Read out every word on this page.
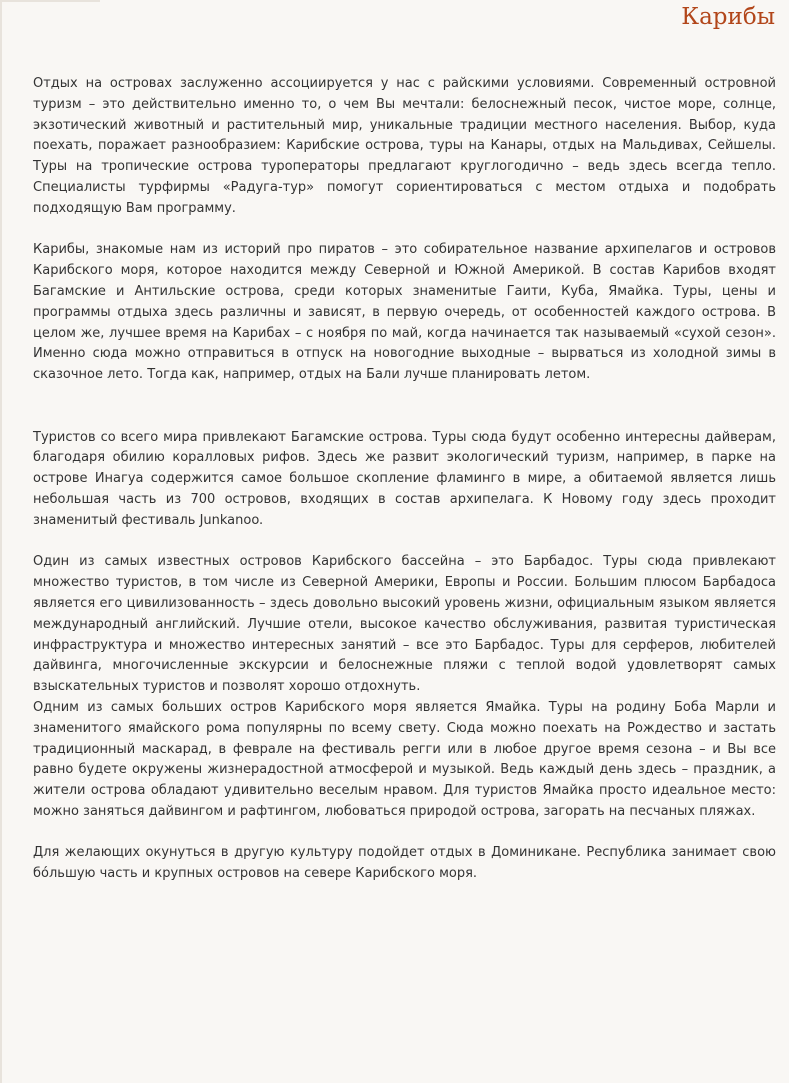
Карибы

Отдых на островах заслуженно ассоциируется у нас с райскими условиями. Современный островной туризм – это действительно именно то, о чем Вы мечтали: белоснежный песок, чистое море, солнце, экзотический животный и растительный мир, уникальные традиции местного населения. Выбор, куда поехать, поражает разнообразием: Карибские острова, туры на Канары, отдых на Мальдивах, Сейшелы. Туры на тропические острова туроператоры предлагают круглогодично – ведь здесь всегда тепло. Специалисты турфирмы «Радуга-тур» помогут сориентироваться с местом отдыха и подобрать подходящую Вам программу.

Карибы, знакомые нам из историй про пиратов – это собирательное название архипелагов и островов Карибского моря, которое находится между Северной и Южной Америкой. В состав Карибов входят Багамские и Антильские острова, среди которых знаменитые Гаити, Куба, Ямайка. Туры, цены и программы отдыха здесь различны и зависят, в первую очередь, от особенностей каждого острова. В целом же, лучшее время на Карибах – с ноября по май, когда начинается так называемый «сухой сезон». Именно сюда можно отправиться в отпуск на новогодние выходные – вырваться из холодной зимы в сказочное лето. Тогда как, например, отдых на Бали лучше планировать летом.

Туристов со всего мира привлекают Багамские острова. Туры сюда будут особенно интересны дайверам, благодаря обилию коралловых рифов. Здесь же развит экологический туризм, например, в парке на острове Инагуа содержится самое большое скопление фламинго в мире, а обитаемой является лишь небольшая часть из 700 островов, входящих в состав архипелага. К Новому году здесь проходит знаменитый фестиваль Junkanoo.

Один из самых известных островов Карибского бассейна – это Барбадос. Туры сюда привлекают множество туристов, в том числе из Северной Америки, Европы и России. Большим плюсом Барбадоса является его цивилизованность – здесь довольно высокий уровень жизни, официальным языком является международный английский. Лучшие отели, высокое качество обслуживания, развитая туристическая инфраструктура и множество интересных занятий – все это Барбадос. Туры для серферов, любителей дайвинга, многочисленные экскурсии и белоснежные пляжи с теплой водой удовлетворят самых взыскательных туристов и позволят хорошо отдохнуть.

Одним из самых больших остров Карибского моря является Ямайка. Туры на родину Боба Марли и знаменитого ямайского рома популярны по всему свету. Сюда можно поехать на Рождество и застать традиционный маскарад, в феврале на фестиваль регги или в любое другое время сезона – и Вы все равно будете окружены жизнерадостной атмосферой и музыкой. Ведь каждый день здесь – праздник, а жители острова обладают удивительно веселым нравом. Для туристов Ямайка просто идеальное место: можно заняться дайвингом и рафтингом, любоваться природой острова, загорать на песчаных пляжах.

Для желающих окунуться в другую культуру подойдет отдых в Доминикане. Республика занимает свою бóльшую часть и крупных островов на севере Карибского моря.
